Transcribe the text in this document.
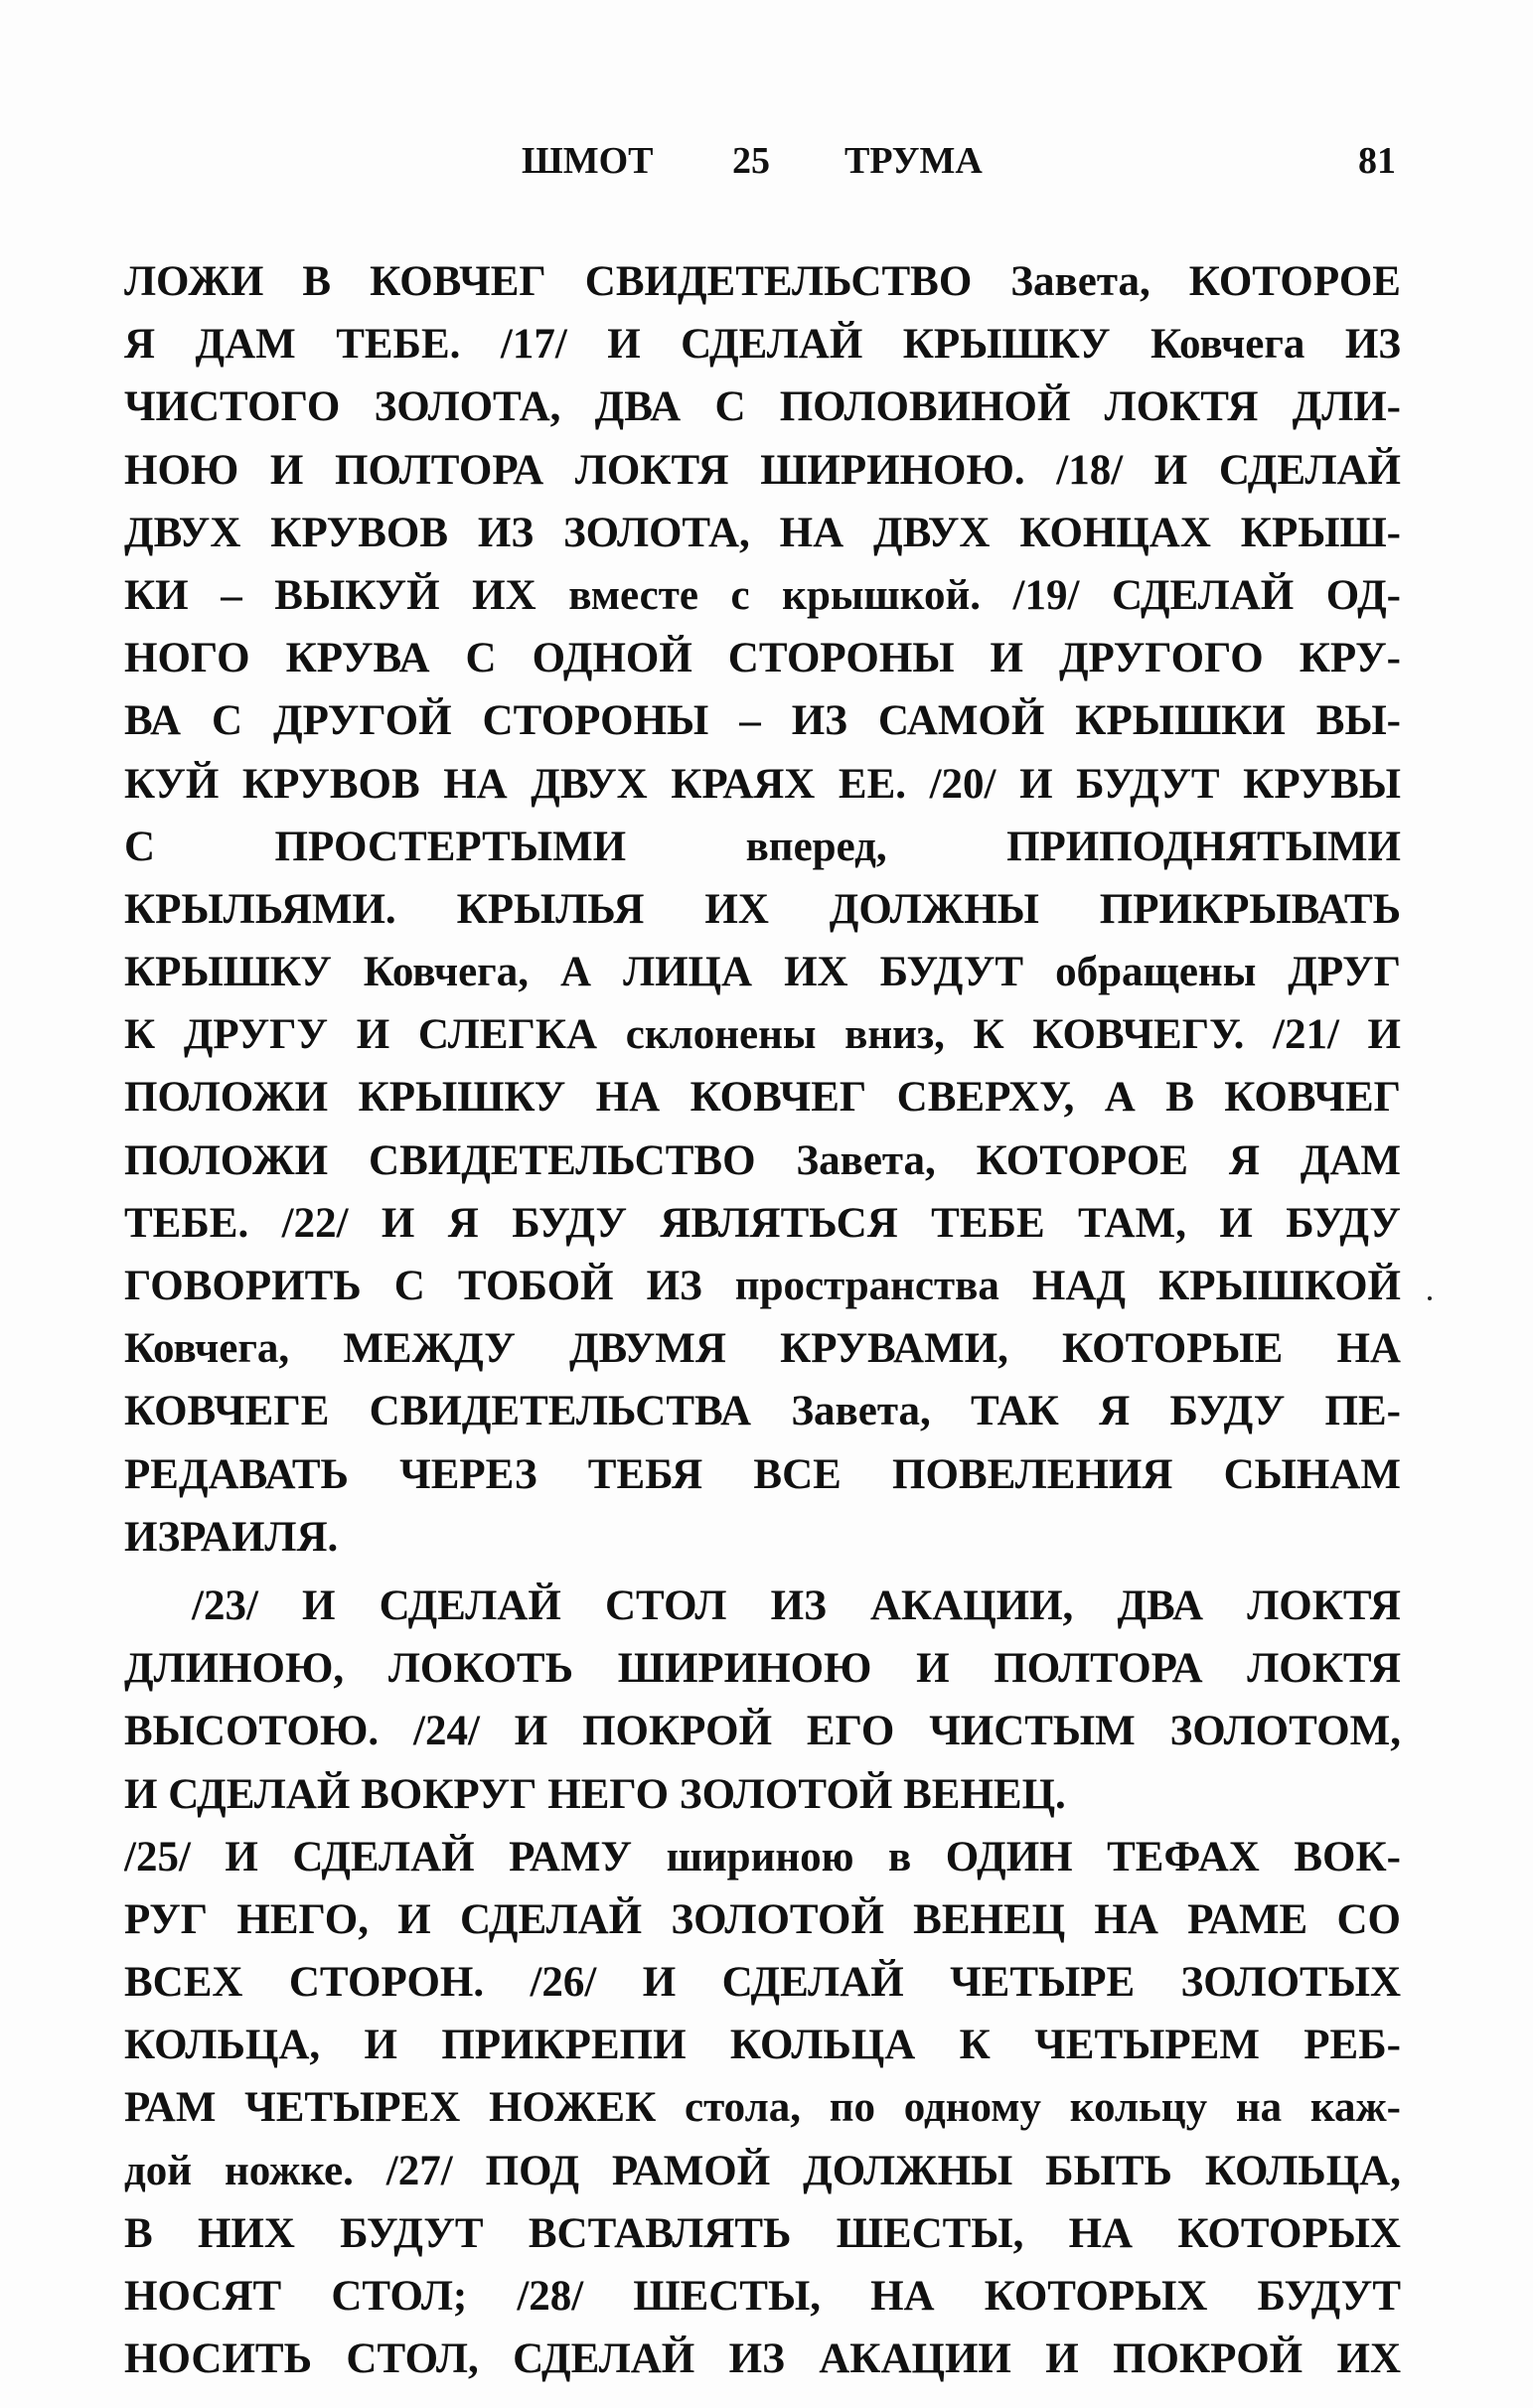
ШМОТ 25 ТРУМА	81
ЛОЖИ В КОВЧЕГ СВИДЕТЕЛЬСТВО Завета, КОТОРОЕ
Я ДАМ ТЕБЕ. /17/ И СДЕЛАЙ КРЫШКУ Ковчега ИЗ
ЧИСТОГО ЗОЛОТА, ДВА С ПОЛОВИНОЙ ЛОКТЯ ДЛИ-
НОЮ И ПОЛТОРА ЛОКТЯ ШИРИНОЮ. /18/ И СДЕЛАЙ
ДВУХ КРУВОВ ИЗ ЗОЛОТА, НА ДВУХ КОНЦАХ КРЫШ-
КИ – ВЫКУЙ ИХ вместе с крышкой. /19/ СДЕЛАЙ ОД-
НОГО КРУВА С ОДНОЙ СТОРОНЫ И ДРУГОГО КРУ-
ВА С ДРУГОЙ СТОРОНЫ – ИЗ САМОЙ КРЫШКИ ВЫ-
КУЙ КРУВОВ НА ДВУХ КРАЯХ ЕЕ. /20/ И БУДУТ КРУВЫ
С ПРОСТЕРТЫМИ вперед, ПРИПОДНЯТЫМИ
КРЫЛЬЯМИ. КРЫЛЬЯ ИХ ДОЛЖНЫ ПРИКРЫВАТЬ
КРЫШКУ Ковчега, А ЛИЦА ИХ БУДУТ обращены ДРУГ
К ДРУГУ И СЛЕГКА склонены вниз, К КОВЧЕГУ. /21/ И
ПОЛОЖИ КРЫШКУ НА КОВЧЕГ СВЕРХУ, А В КОВЧЕГ
ПОЛОЖИ СВИДЕТЕЛЬСТВО Завета, КОТОРОЕ Я ДАМ
ТЕБЕ. /22/ И Я БУДУ ЯВЛЯТЬСЯ ТЕБЕ ТАМ, И БУДУ
ГОВОРИТЬ С ТОБОЙ ИЗ пространства НАД КРЫШКОЙ
Ковчега, МЕЖДУ ДВУМЯ КРУВАМИ, КОТОРЫЕ НА
КОВЧЕГЕ СВИДЕТЕЛЬСТВА Завета, ТАК Я БУДУ ПЕ-
РЕДАВАТЬ ЧЕРЕЗ ТЕБЯ ВСЕ ПОВЕЛЕНИЯ СЫНАМ
ИЗРАИЛЯ.
/23/ И СДЕЛАЙ СТОЛ ИЗ АКАЦИИ, ДВА ЛОКТЯ
ДЛИНОЮ, ЛОКОТЬ ШИРИНОЮ И ПОЛТОРА ЛОКТЯ
ВЫСОТОЮ. /24/ И ПОКРОЙ ЕГО ЧИСТЫМ ЗОЛОТОМ,
И СДЕЛАЙ ВОКРУГ НЕГО ЗОЛОТОЙ ВЕНЕЦ.
/25/ И СДЕЛАЙ РАМУ шириною в ОДИН ТЕФАХ ВОК-
РУГ НЕГО, И СДЕЛАЙ ЗОЛОТОЙ ВЕНЕЦ НА РАМЕ СО
ВСЕХ СТОРОН. /26/ И СДЕЛАЙ ЧЕТЫРЕ ЗОЛОТЫХ
КОЛЬЦА, И ПРИКРЕПИ КОЛЬЦА К ЧЕТЫРЕМ РЕБ-
РАМ ЧЕТЫРЕХ НОЖЕК стола, по одному кольцу на каж-
дой ножке. /27/ ПОД РАМОЙ ДОЛЖНЫ БЫТЬ КОЛЬЦА,
В НИХ БУДУТ ВСТАВЛЯТЬ ШЕСТЫ, НА КОТОРЫХ
НОСЯТ СТОЛ; /28/ ШЕСТЫ, НА КОТОРЫХ БУДУТ
НОСИТЬ СТОЛ, СДЕЛАЙ ИЗ АКАЦИИ И ПОКРОЙ ИХ
